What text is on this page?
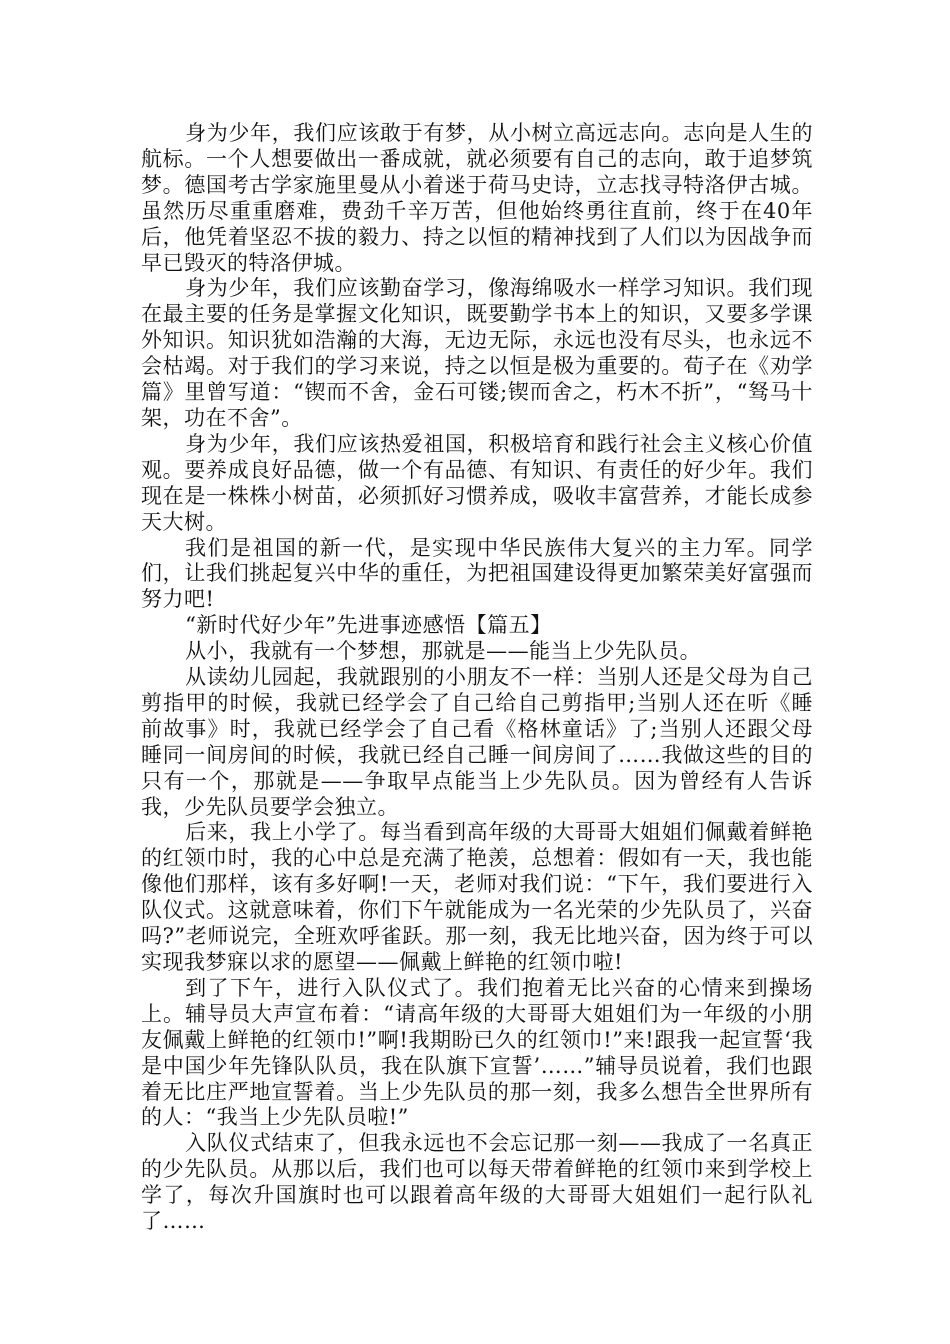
身为少年，我们应该敢于有梦，从小树立高远志向。志向是人生的航标。一个人想要做出一番成就，就必须要有自己的志向，敢于追梦筑梦。德国考古学家施里曼从小着迷于荷马史诗，立志找寻特洛伊古城。虽然历尽重重磨难，费劲千辛万苦，但他始终勇往直前，终于在40年后，他凭着坚忍不拔的毅力、持之以恒的精神找到了人们以为因战争而早已毁灭的特洛伊城。

身为少年，我们应该勤奋学习，像海绵吸水一样学习知识。我们现在最主要的任务是掌握文化知识，既要勤学书本上的知识，又要多学课外知识。知识犹如浩瀚的大海，无边无际，永远也没有尽头，也永远不会枯竭。对于我们的学习来说，持之以恒是极为重要的。荀子在《劝学篇》里曾写道：“锲而不舍，金石可镂;锲而舍之，朽木不折”，“驽马十架，功在不舍”。

身为少年，我们应该热爱祖国，积极培育和践行社会主义核心价值观。要养成良好品德，做一个有品德、有知识、有责任的好少年。我们现在是一株株小树苗，必须抓好习惯养成，吸收丰富营养，才能长成参天大树。

我们是祖国的新一代，是实现中华民族伟大复兴的主力军。同学们，让我们挑起复兴中华的重任，为把祖国建设得更加繁荣美好富强而努力吧!

“新时代好少年”先进事迹感悟【篇五】

从小，我就有一个梦想，那就是——能当上少先队员。

从读幼儿园起，我就跟别的小朋友不一样：当别人还是父母为自己剪指甲的时候，我就已经学会了自己给自己剪指甲;当别人还在听《睡前故事》时，我就已经学会了自己看《格林童话》了;当别人还跟父母睡同一间房间的时候，我就已经自己睡一间房间了……我做这些的目的只有一个，那就是——争取早点能当上少先队员。因为曾经有人告诉我，少先队员要学会独立。

后来，我上小学了。每当看到高年级的大哥哥大姐姐们佩戴着鲜艳的红领巾时，我的心中总是充满了艳羡，总想着：假如有一天，我也能像他们那样，该有多好啊!一天，老师对我们说：“下午，我们要进行入队仪式。这就意味着，你们下午就能成为一名光荣的少先队员了，兴奋吗?”老师说完，全班欢呼雀跃。那一刻，我无比地兴奋，因为终于可以实现我梦寐以求的愿望——佩戴上鲜艳的红领巾啦!

到了下午，进行入队仪式了。我们抱着无比兴奋的心情来到操场上。辅导员大声宣布着：“请高年级的大哥哥大姐姐们为一年级的小朋友佩戴上鲜艳的红领巾!”啊!我期盼已久的红领巾!”来!跟我一起宣誓‘我是中国少年先锋队队员，我在队旗下宣誓’……”辅导员说着，我们也跟着无比庄严地宣誓着。当上少先队员的那一刻，我多么想告全世界所有的人：“我当上少先队员啦!”

入队仪式结束了，但我永远也不会忘记那一刻——我成了一名真正的少先队员。从那以后，我们也可以每天带着鲜艳的红领巾来到学校上学了，每次升国旗时也可以跟着高年级的大哥哥大姐姐们一起行队礼了……
